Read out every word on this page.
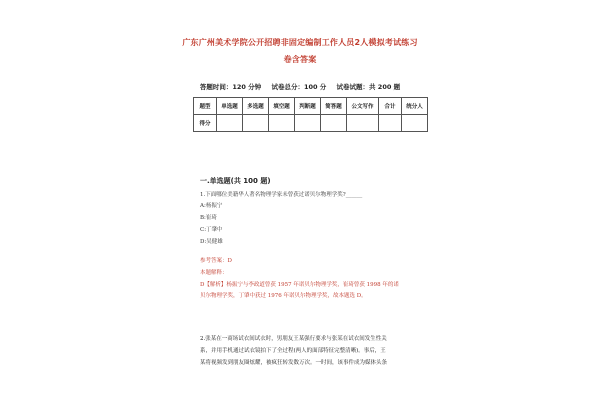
广东广州美术学院公开招聘非固定编制工作人员2人模拟考试练习
卷含答案
答题时间：120 分钟 试卷总分：100 分 试卷试题：共 200 题
题型	单选题	多选题	填空题	判断题	简答题	公文写作	合计	统分人
得分								
一.单选题(共 100 题)
1.下面哪位美籍华人著名物理学家未曾获过诺贝尔物理学奖?______
A:杨振宁
B:崔琦
C:丁肇中
D:吴健雄
参考答案：D
本题解释：
D【解析】杨振宁与李政道曾获 1957 年诺贝尔物理学奖，崔琦曾获 1998 年的诺
贝尔物理学奖，丁肇中获过 1976 年诺贝尔物理学奖，故本题选 D。
2.张某在一商场试衣间试衣时，男朋友王某强行要求与张某在试衣间发生性关
系，并用手机通过试衣镜拍下了全过程(两人的面部特征完整清晰)。事后，王
某将视频发到朋友圈炫耀，被疯狂转发数万次。一时间，该事件成为媒体头条
